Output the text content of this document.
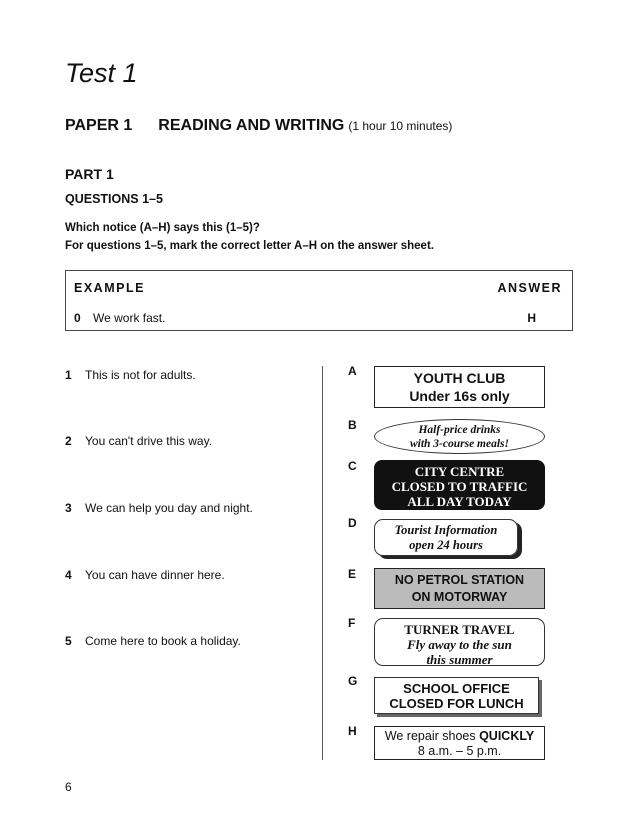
Test 1
PAPER 1 READING AND WRITING (1 hour 10 minutes)
PART 1
QUESTIONS 1–5
Which notice (A–H) says this (1–5)?
For questions 1–5, mark the correct letter A–H on the answer sheet.
EXAMPLE	ANSWER
0 We work fast.	H
1 This is not for adults.
2 You can't drive this way.
3 We can help you day and night.
4 You can have dinner here.
5 Come here to book a holiday.
A	YOUTH CLUB
Under 16s only
B	Half-price drinks
with 3-course meals!
C	CITY CENTRE
CLOSED TO TRAFFIC
ALL DAY TODAY
D	Tourist Information
open 24 hours
E	NO PETROL STATION
ON MOTORWAY
F	TURNER TRAVEL
Fly away to the sun
this summer
G	SCHOOL OFFICE
CLOSED FOR LUNCH
H	We repair shoes QUICKLY
8 a.m. – 5 p.m.
6
